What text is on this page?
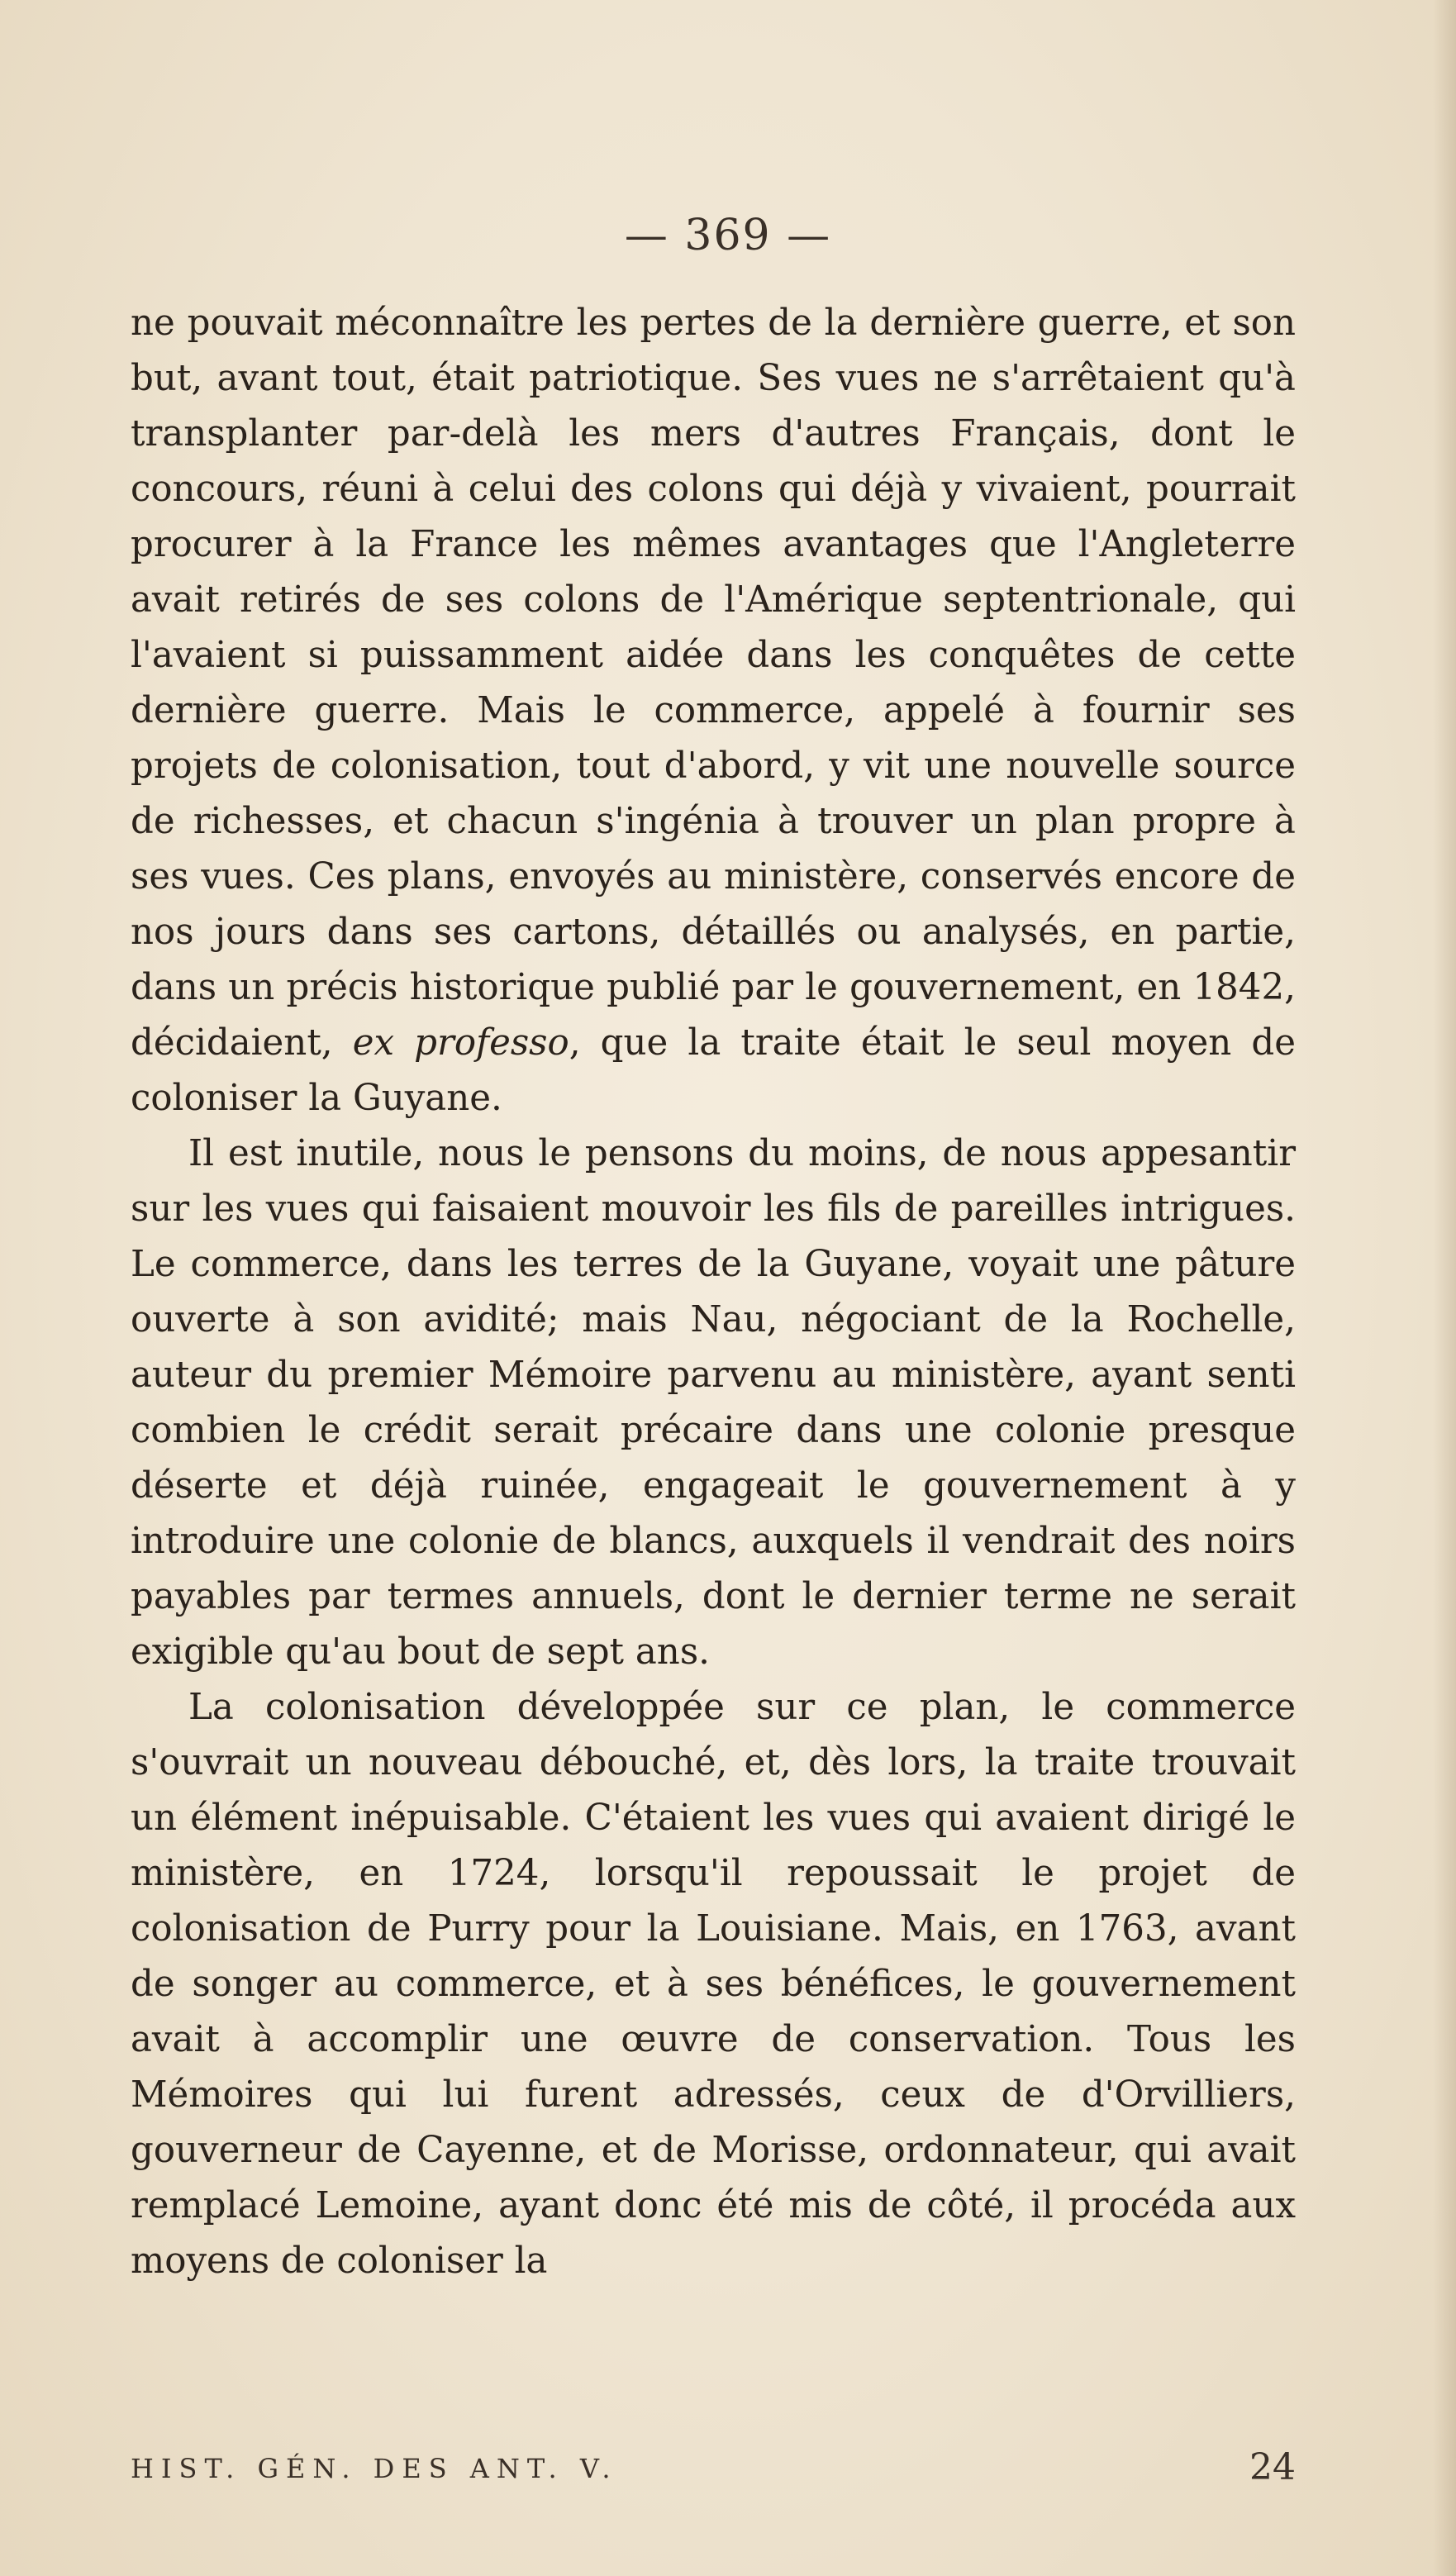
— 369 —

ne pouvait méconnaître les pertes de la dernière guerre, et son but, avant tout, était patriotique. Ses vues ne s'arrêtaient qu'à transplanter par-delà les mers d'autres Français, dont le concours, réuni à celui des colons qui déjà y vivaient, pourrait procurer à la France les mêmes avantages que l'Angleterre avait retirés de ses colons de l'Amérique septentrionale, qui l'avaient si puissamment aidée dans les conquêtes de cette dernière guerre. Mais le commerce, appelé à fournir ses projets de colonisation, tout d'abord, y vit une nouvelle source de richesses, et chacun s'ingénia à trouver un plan propre à ses vues. Ces plans, envoyés au ministère, conservés encore de nos jours dans ses cartons, détaillés ou analysés, en partie, dans un précis historique publié par le gouvernement, en 1842, décidaient, ex professo, que la traite était le seul moyen de coloniser la Guyane.

Il est inutile, nous le pensons du moins, de nous appesantir sur les vues qui faisaient mouvoir les fils de pareilles intrigues. Le commerce, dans les terres de la Guyane, voyait une pâture ouverte à son avidité; mais Nau, négociant de la Rochelle, auteur du premier Mémoire parvenu au ministère, ayant senti combien le crédit serait précaire dans une colonie presque déserte et déjà ruinée, engageait le gouvernement à y introduire une colonie de blancs, auxquels il vendrait des noirs payables par termes annuels, dont le dernier terme ne serait exigible qu'au bout de sept ans.

La colonisation développée sur ce plan, le commerce s'ouvrait un nouveau débouché, et, dès lors, la traite trouvait un élément inépuisable. C'étaient les vues qui avaient dirigé le ministère, en 1724, lorsqu'il repoussait le projet de colonisation de Purry pour la Louisiane. Mais, en 1763, avant de songer au commerce, et à ses bénéfices, le gouvernement avait à accomplir une œuvre de conservation. Tous les Mémoires qui lui furent adressés, ceux de d'Orvilliers, gouverneur de Cayenne, et de Morisse, ordonnateur, qui avait remplacé Lemoine, ayant donc été mis de côté, il procéda aux moyens de coloniser la

HIST. GÉN. DES ANT. V.	24
